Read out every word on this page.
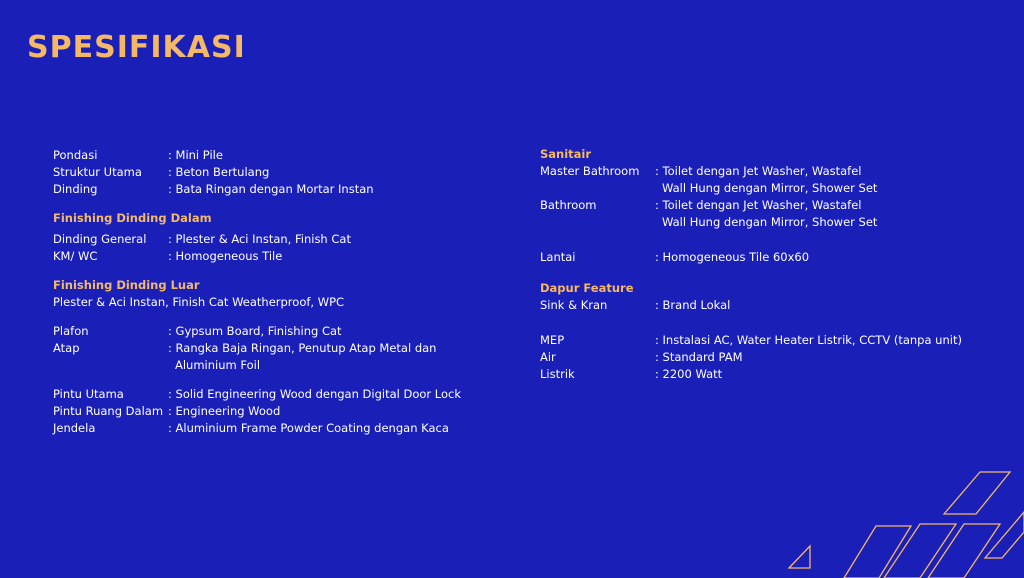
SPESIFIKASI
Pondasi	: Mini Pile
Struktur Utama	: Beton Bertulang
Dinding	: Bata Ringan dengan Mortar Instan
Finishing Dinding Dalam
Dinding General	: Plester & Aci Instan, Finish Cat
KM/ WC	: Homogeneous Tile
Finishing Dinding Luar
Plester & Aci Instan, Finish Cat Weatherproof, WPC
Plafon	: Gypsum Board, Finishing Cat
Atap	: Rangka Baja Ringan, Penutup Atap Metal dan
Aluminium Foil
Pintu Utama	: Solid Engineering Wood dengan Digital Door Lock
Pintu Ruang Dalam : Engineering Wood
Jendela	: Aluminium Frame Powder Coating dengan Kaca
Sanitair
Master Bathroom	: Toilet dengan Jet Washer, Wastafel
Wall Hung dengan Mirror, Shower Set
Bathroom	: Toilet dengan Jet Washer, Wastafel
Wall Hung dengan Mirror, Shower Set
Lantai	: Homogeneous Tile 60x60
Dapur Feature
Sink & Kran	: Brand Lokal
MEP	: Instalasi AC, Water Heater Listrik, CCTV (tanpa unit)
Air	: Standard PAM
Listrik	: 2200 Watt
